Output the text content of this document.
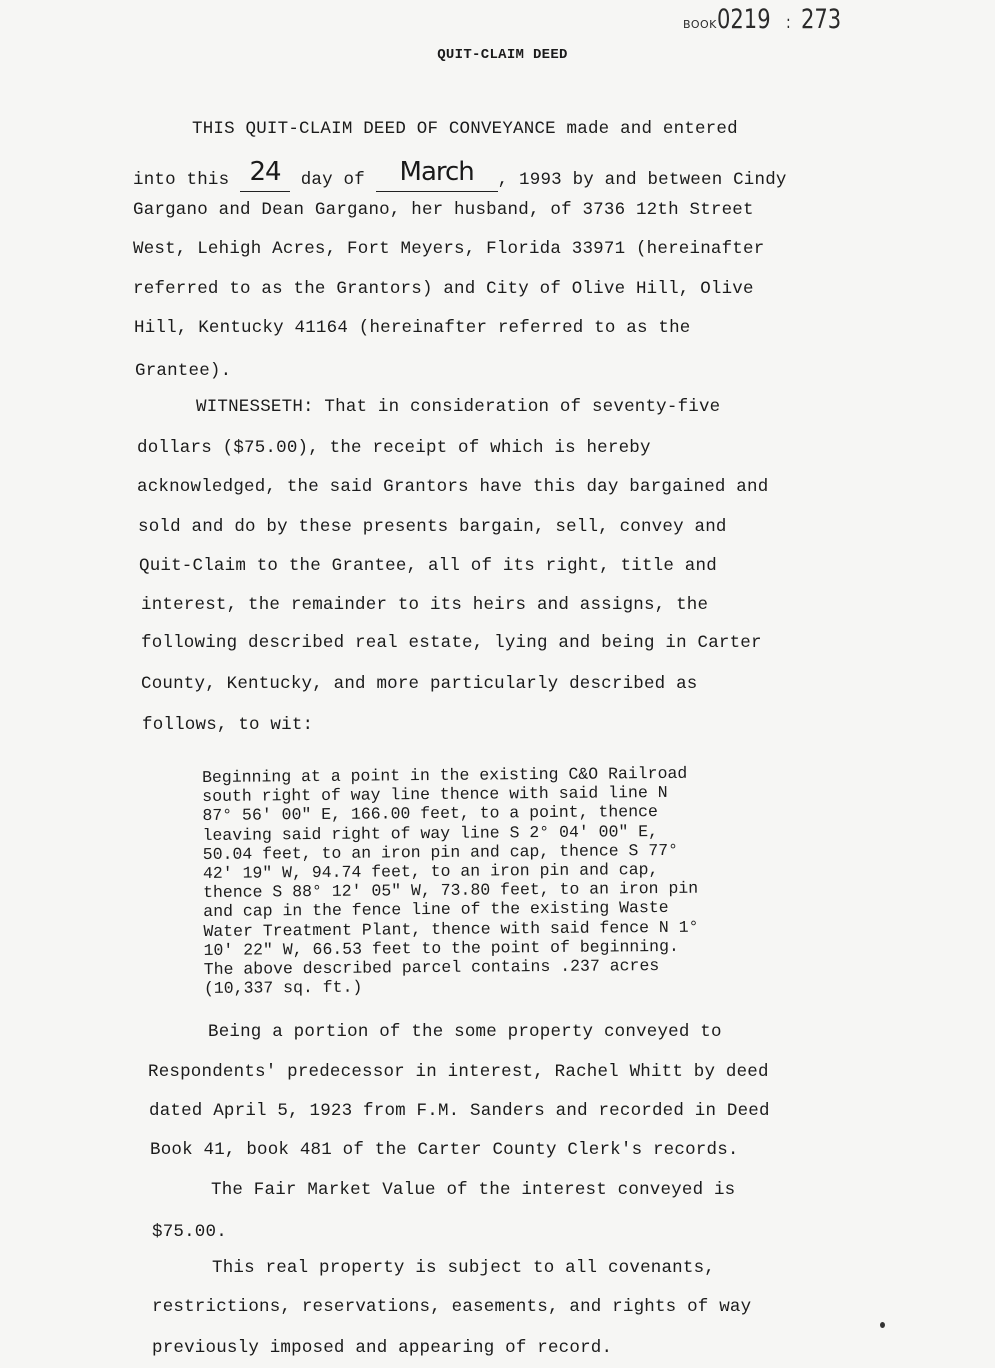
BOOK0219 : 273
QUIT-CLAIM DEED
THIS QUIT-CLAIM DEED OF CONVEYANCE made and entered
into this 24 day of March , 1993 by and between Cindy
Gargano and Dean Gargano, her husband, of 3736 12th Street
West, Lehigh Acres, Fort Meyers, Florida 33971 (hereinafter
referred to as the Grantors) and City of Olive Hill, Olive
Hill, Kentucky 41164 (hereinafter referred to as the
Grantee).
WITNESSETH: That in consideration of seventy-five
dollars ($75.00), the receipt of which is hereby
acknowledged, the said Grantors have this day bargained and
sold and do by these presents bargain, sell, convey and
Quit-Claim to the Grantee, all of its right, title and
interest, the remainder to its heirs and assigns, the
following described real estate, lying and being in Carter
County, Kentucky, and more particularly described as
follows, to wit:
Beginning at a point in the existing C&O Railroad
south right of way line thence with said line N
87° 56' 00" E, 166.00 feet, to a point, thence
leaving said right of way line S 2° 04' 00" E,
50.04 feet, to an iron pin and cap, thence S 77°
42' 19" W, 94.74 feet, to an iron pin and cap,
thence S 88° 12' 05" W, 73.80 feet, to an iron pin
and cap in the fence line of the existing Waste
Water Treatment Plant, thence with said fence N 1°
10' 22" W, 66.53 feet to the point of beginning.
The above described parcel contains .237 acres
(10,337 sq. ft.)
Being a portion of the some property conveyed to
Respondents' predecessor in interest, Rachel Whitt by deed
dated April 5, 1923 from F.M. Sanders and recorded in Deed
Book 41, book 481 of the Carter County Clerk's records.
The Fair Market Value of the interest conveyed is
$75.00.
This real property is subject to all covenants,
restrictions, reservations, easements, and rights of way
previously imposed and appearing of record.
